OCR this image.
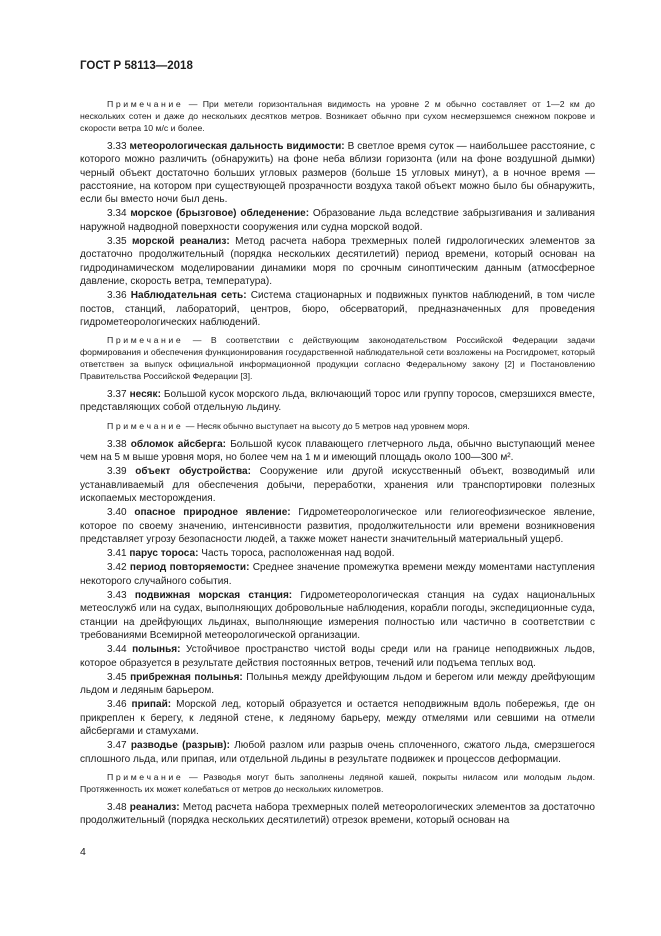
ГОСТ Р 58113—2018

Примечание — При метели горизонтальная видимость на уровне 2 м обычно составляет от 1—2 км до нескольких сотен и даже до нескольких десятков метров. Возникает обычно при сухом несмерзшемся снежном покрове и скорости ветра 10 м/с и более.

3.33 метеорологическая дальность видимости: В светлое время суток — наибольшее расстояние, с которого можно различить (обнаружить) на фоне неба вблизи горизонта (или на фоне воздушной дымки) черный объект достаточно больших угловых размеров (больше 15 угловых минут), а в ночное время — расстояние, на котором при существующей прозрачности воздуха такой объект можно было бы обнаружить, если бы вместо ночи был день.

3.34 морское (брызговое) обледенение: Образование льда вследствие забрызгивания и заливания наружной надводной поверхности сооружения или судна морской водой.

3.35 морской реанализ: Метод расчета набора трехмерных полей гидрологических элементов за достаточно продолжительный (порядка нескольких десятилетий) период времени, который основан на гидродинамическом моделировании динамики моря по срочным синоптическим данным (атмосферное давление, скорость ветра, температура).

3.36 Наблюдательная сеть: Система стационарных и подвижных пунктов наблюдений, в том числе постов, станций, лабораторий, центров, бюро, обсерваторий, предназначенных для проведения гидрометеорологических наблюдений.

Примечание — В соответствии с действующим законодательством Российской Федерации задачи формирования и обеспечения функционирования государственной наблюдательной сети возложены на Росгидромет, который ответствен за выпуск официальной информационной продукции согласно Федеральному закону [2] и Постановлению Правительства Российской Федерации [3].

3.37 несяк: Большой кусок морского льда, включающий торос или группу торосов, смерзшихся вместе, представляющих собой отдельную льдину.

Примечание — Несяк обычно выступает на высоту до 5 метров над уровнем моря.

3.38 обломок айсберга: Большой кусок плавающего глетчерного льда, обычно выступающий менее чем на 5 м выше уровня моря, но более чем на 1 м и имеющий площадь около 100—300 м².

3.39 объект обустройства: Сооружение или другой искусственный объект, возводимый или устанавливаемый для обеспечения добычи, переработки, хранения или транспортировки полезных ископаемых месторождения.

3.40 опасное природное явление: Гидрометеорологическое или гелиогеофизическое явление, которое по своему значению, интенсивности развития, продолжительности или времени возникновения представляет угрозу безопасности людей, а также может нанести значительный материальный ущерб.

3.41 парус тороса: Часть тороса, расположенная над водой.

3.42 период повторяемости: Среднее значение промежутка времени между моментами наступления некоторого случайного события.

3.43 подвижная морская станция: Гидрометеорологическая станция на судах национальных метеослужб или на судах, выполняющих добровольные наблюдения, корабли погоды, экспедиционные суда, станции на дрейфующих льдинах, выполняющие измерения полностью или частично в соответствии с требованиями Всемирной метеорологической организации.

3.44 полынья: Устойчивое пространство чистой воды среди или на границе неподвижных льдов, которое образуется в результате действия постоянных ветров, течений или подъема теплых вод.

3.45 прибрежная полынья: Полынья между дрейфующим льдом и берегом или между дрейфующим льдом и ледяным барьером.

3.46 припай: Морской лед, который образуется и остается неподвижным вдоль побережья, где он прикреплен к берегу, к ледяной стене, к ледяному барьеру, между отмелями или севшими на отмели айсбергами и стамухами.

3.47 разводье (разрыв): Любой разлом или разрыв очень сплоченного, сжатого льда, смерзшегося сплошного льда, или припая, или отдельной льдины в результате подвижек и процессов деформации.

Примечание — Разводья могут быть заполнены ледяной кашей, покрыты ниласом или молодым льдом. Протяженность их может колебаться от метров до нескольких километров.

3.48 реанализ: Метод расчета набора трехмерных полей метеорологических элементов за достаточно продолжительный (порядка нескольких десятилетий) отрезок времени, который основан на

4
